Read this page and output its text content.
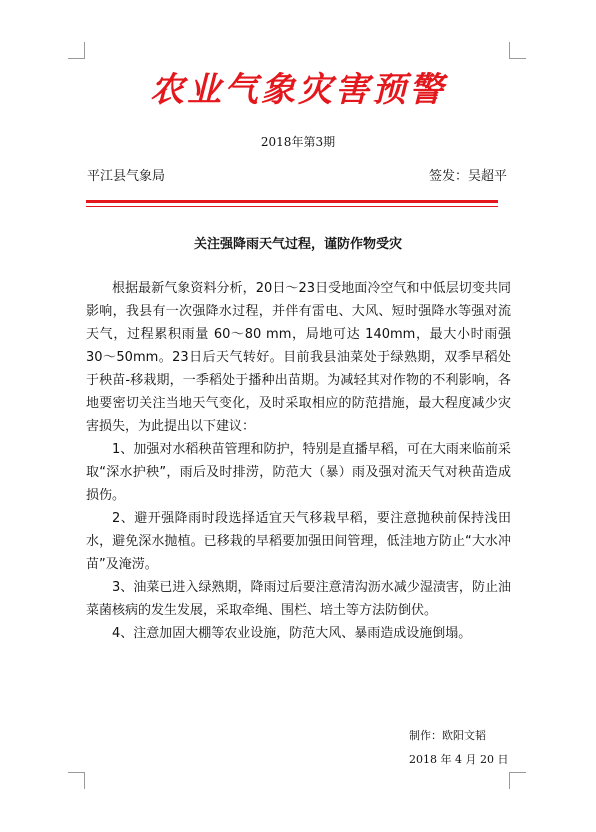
农业气象灾害预警
2018年第3期
平江县气象局	签发：吴超平
关注强降雨天气过程，谨防作物受灾

根据最新气象资料分析，20日～23日受地面冷空气和中低层切变共同影响，我县有一次强降水过程，并伴有雷电、大风、短时强降水等强对流天气，过程累积雨量 60～80 mm，局地可达 140mm，最大小时雨强 30～50mm。23日后天气转好。目前我县油菜处于绿熟期，双季早稻处于秧苗-移栽期，一季稻处于播种出苗期。为减轻其对作物的不利影响，各地要密切关注当地天气变化，及时采取相应的防范措施，最大程度减少灾害损失，为此提出以下建议：

1、加强对水稻秧苗管理和防护，特别是直播早稻，可在大雨来临前采取“深水护秧”，雨后及时排涝，防范大（暴）雨及强对流天气对秧苗造成损伤。

2、避开强降雨时段选择适宜天气移栽早稻，要注意抛秧前保持浅田水，避免深水抛植。已移栽的早稻要加强田间管理，低洼地方防止“大水冲苗”及淹涝。

3、油菜已进入绿熟期，降雨过后要注意清沟沥水减少湿渍害，防止油菜菌核病的发生发展，采取牵绳、围栏、培土等方法防倒伏。

4、注意加固大棚等农业设施，防范大风、暴雨造成设施倒塌。

制作：欧阳文韬
2018 年 4 月 20 日
